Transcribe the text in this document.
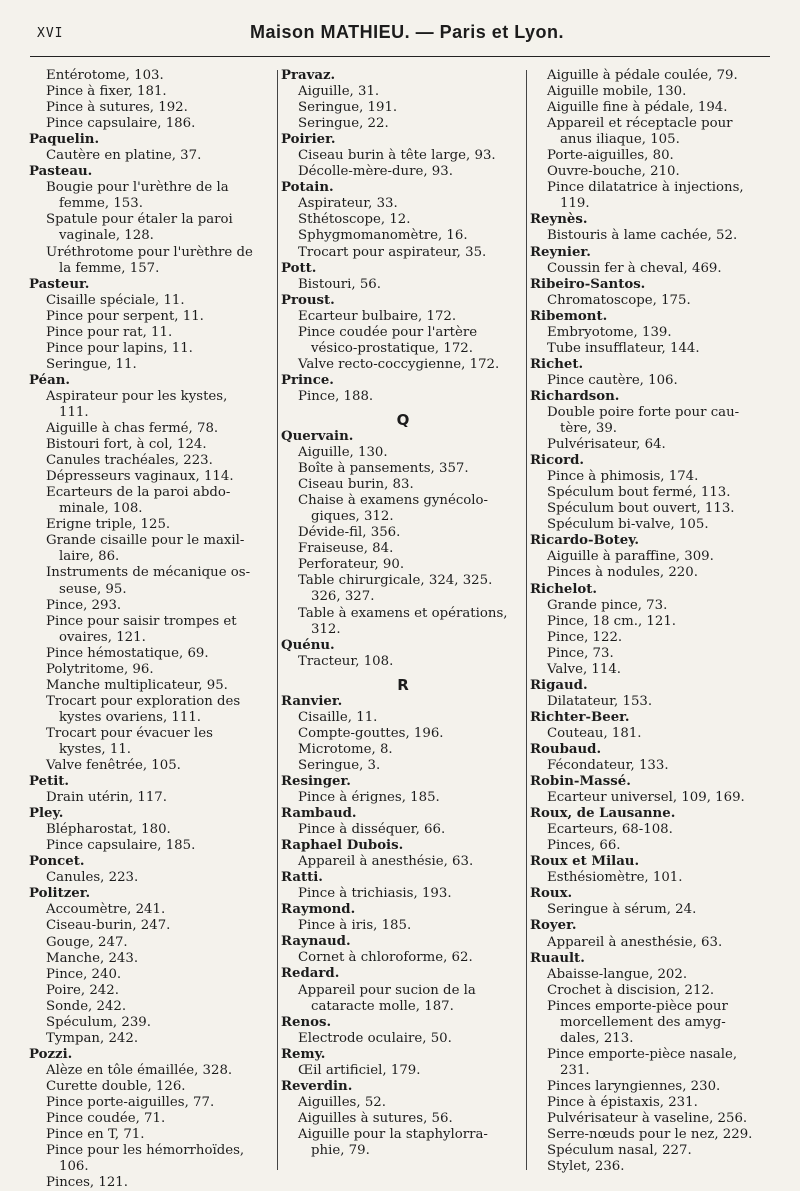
XVI	Maison MATHIEU. — Paris et Lyon.
Entérotome, 103.
Pince à fixer, 181.
Pince à sutures, 192.
Pince capsulaire, 186.
Paquelin.
Cautère en platine, 37.
Pasteau.
Bougie pour l'urèthre de la
femme, 153.
Spatule pour étaler la paroi
vaginale, 128.
Uréthrotome pour l'urèthre de
la femme, 157.
Pasteur.
Cisaille spéciale, 11.
Pince pour serpent, 11.
Pince pour rat, 11.
Pince pour lapins, 11.
Seringue, 11.
Péan.
Aspirateur pour les kystes,
111.
Aiguille à chas fermé, 78.
Bistouri fort, à col, 124.
Canules trachéales, 223.
Dépresseurs vaginaux, 114.
Ecarteurs de la paroi abdo-
minale, 108.
Erigne triple, 125.
Grande cisaille pour le maxil-
laire, 86.
Instruments de mécanique os-
seuse, 95.
Pince, 293.
Pince pour saisir trompes et
ovaires, 121.
Pince hémostatique, 69.
Polytritome, 96.
Manche multiplicateur, 95.
Trocart pour exploration des
kystes ovariens, 111.
Trocart pour évacuer les
kystes, 11.
Valve fenêtrée, 105.
Petit.
Drain utérin, 117.
Pley.
Blépharostat, 180.
Pince capsulaire, 185.
Poncet.
Canules, 223.
Politzer.
Accoumètre, 241.
Ciseau-burin, 247.
Gouge, 247.
Manche, 243.
Pince, 240.
Poire, 242.
Sonde, 242.
Spéculum, 239.
Tympan, 242.
Pozzi.
Alèze en tôle émaillée, 328.
Curette double, 126.
Pince porte-aiguilles, 77.
Pince coudée, 71.
Pince en T, 71.
Pince pour les hémorrhoïdes,
106.
Pinces, 121.
Pravaz.
Aiguille, 31.
Seringue, 191.
Seringue, 22.
Poirier.
Ciseau burin à tête large, 93.
Décolle-mère-dure, 93.
Potain.
Aspirateur, 33.
Sthétoscope, 12.
Sphygmomanomètre, 16.
Trocart pour aspirateur, 35.
Pott.
Bistouri, 56.
Proust.
Ecarteur bulbaire, 172.
Pince coudée pour l'artère
vésico-prostatique, 172.
Valve recto-coccygienne, 172.
Prince.
Pince, 188.
Q
Quervain.
Aiguille, 130.
Boîte à pansements, 357.
Ciseau burin, 83.
Chaise à examens gynécolo-
giques, 312.
Dévide-fil, 356.
Fraiseuse, 84.
Perforateur, 90.
Table chirurgicale, 324, 325.
326, 327.
Table à examens et opérations,
312.
Quénu.
Tracteur, 108.
R
Ranvier.
Cisaille, 11.
Compte-gouttes, 196.
Microtome, 8.
Seringue, 3.
Resinger.
Pince à érignes, 185.
Rambaud.
Pince à disséquer, 66.
Raphael Dubois.
Appareil à anesthésie, 63.
Ratti.
Pince à trichiasis, 193.
Raymond.
Pince à iris, 185.
Raynaud.
Cornet à chloroforme, 62.
Redard.
Appareil pour sucion de la
cataracte molle, 187.
Renos.
Electrode oculaire, 50.
Remy.
Œil artificiel, 179.
Reverdin.
Aiguilles, 52.
Aiguilles à sutures, 56.
Aiguille pour la staphylorra-
phie, 79.
Aiguille à pédale coulée, 79.
Aiguille mobile, 130.
Aiguille fine à pédale, 194.
Appareil et réceptacle pour
anus iliaque, 105.
Porte-aiguilles, 80.
Ouvre-bouche, 210.
Pince dilatatrice à injections,
119.
Reynès.
Bistouris à lame cachée, 52.
Reynier.
Coussin fer à cheval, 469.
Ribeiro-Santos.
Chromatoscope, 175.
Ribemont.
Embryotome, 139.
Tube insufflateur, 144.
Richet.
Pince cautère, 106.
Richardson.
Double poire forte pour cau-
tère, 39.
Pulvérisateur, 64.
Ricord.
Pince à phimosis, 174.
Spéculum bout fermé, 113.
Spéculum bout ouvert, 113.
Spéculum bi-valve, 105.
Ricardo-Botey.
Aiguille à paraffine, 309.
Pinces à nodules, 220.
Richelot.
Grande pince, 73.
Pince, 18 cm., 121.
Pince, 122.
Pince, 73.
Valve, 114.
Rigaud.
Dilatateur, 153.
Richter-Beer.
Couteau, 181.
Roubaud.
Fécondateur, 133.
Robin-Massé.
Ecarteur universel, 109, 169.
Roux, de Lausanne.
Ecarteurs, 68-108.
Pinces, 66.
Roux et Milau.
Esthésiomètre, 101.
Roux.
Seringue à sérum, 24.
Royer.
Appareil à anesthésie, 63.
Ruault.
Abaisse-langue, 202.
Crochet à discision, 212.
Pinces emporte-pièce pour
morcellement des amyg-
dales, 213.
Pince emporte-pièce nasale,
231.
Pinces laryngiennes, 230.
Pince à épistaxis, 231.
Pulvérisateur à vaseline, 256.
Serre-nœuds pour le nez, 229.
Spéculum nasal, 227.
Stylet, 236.
